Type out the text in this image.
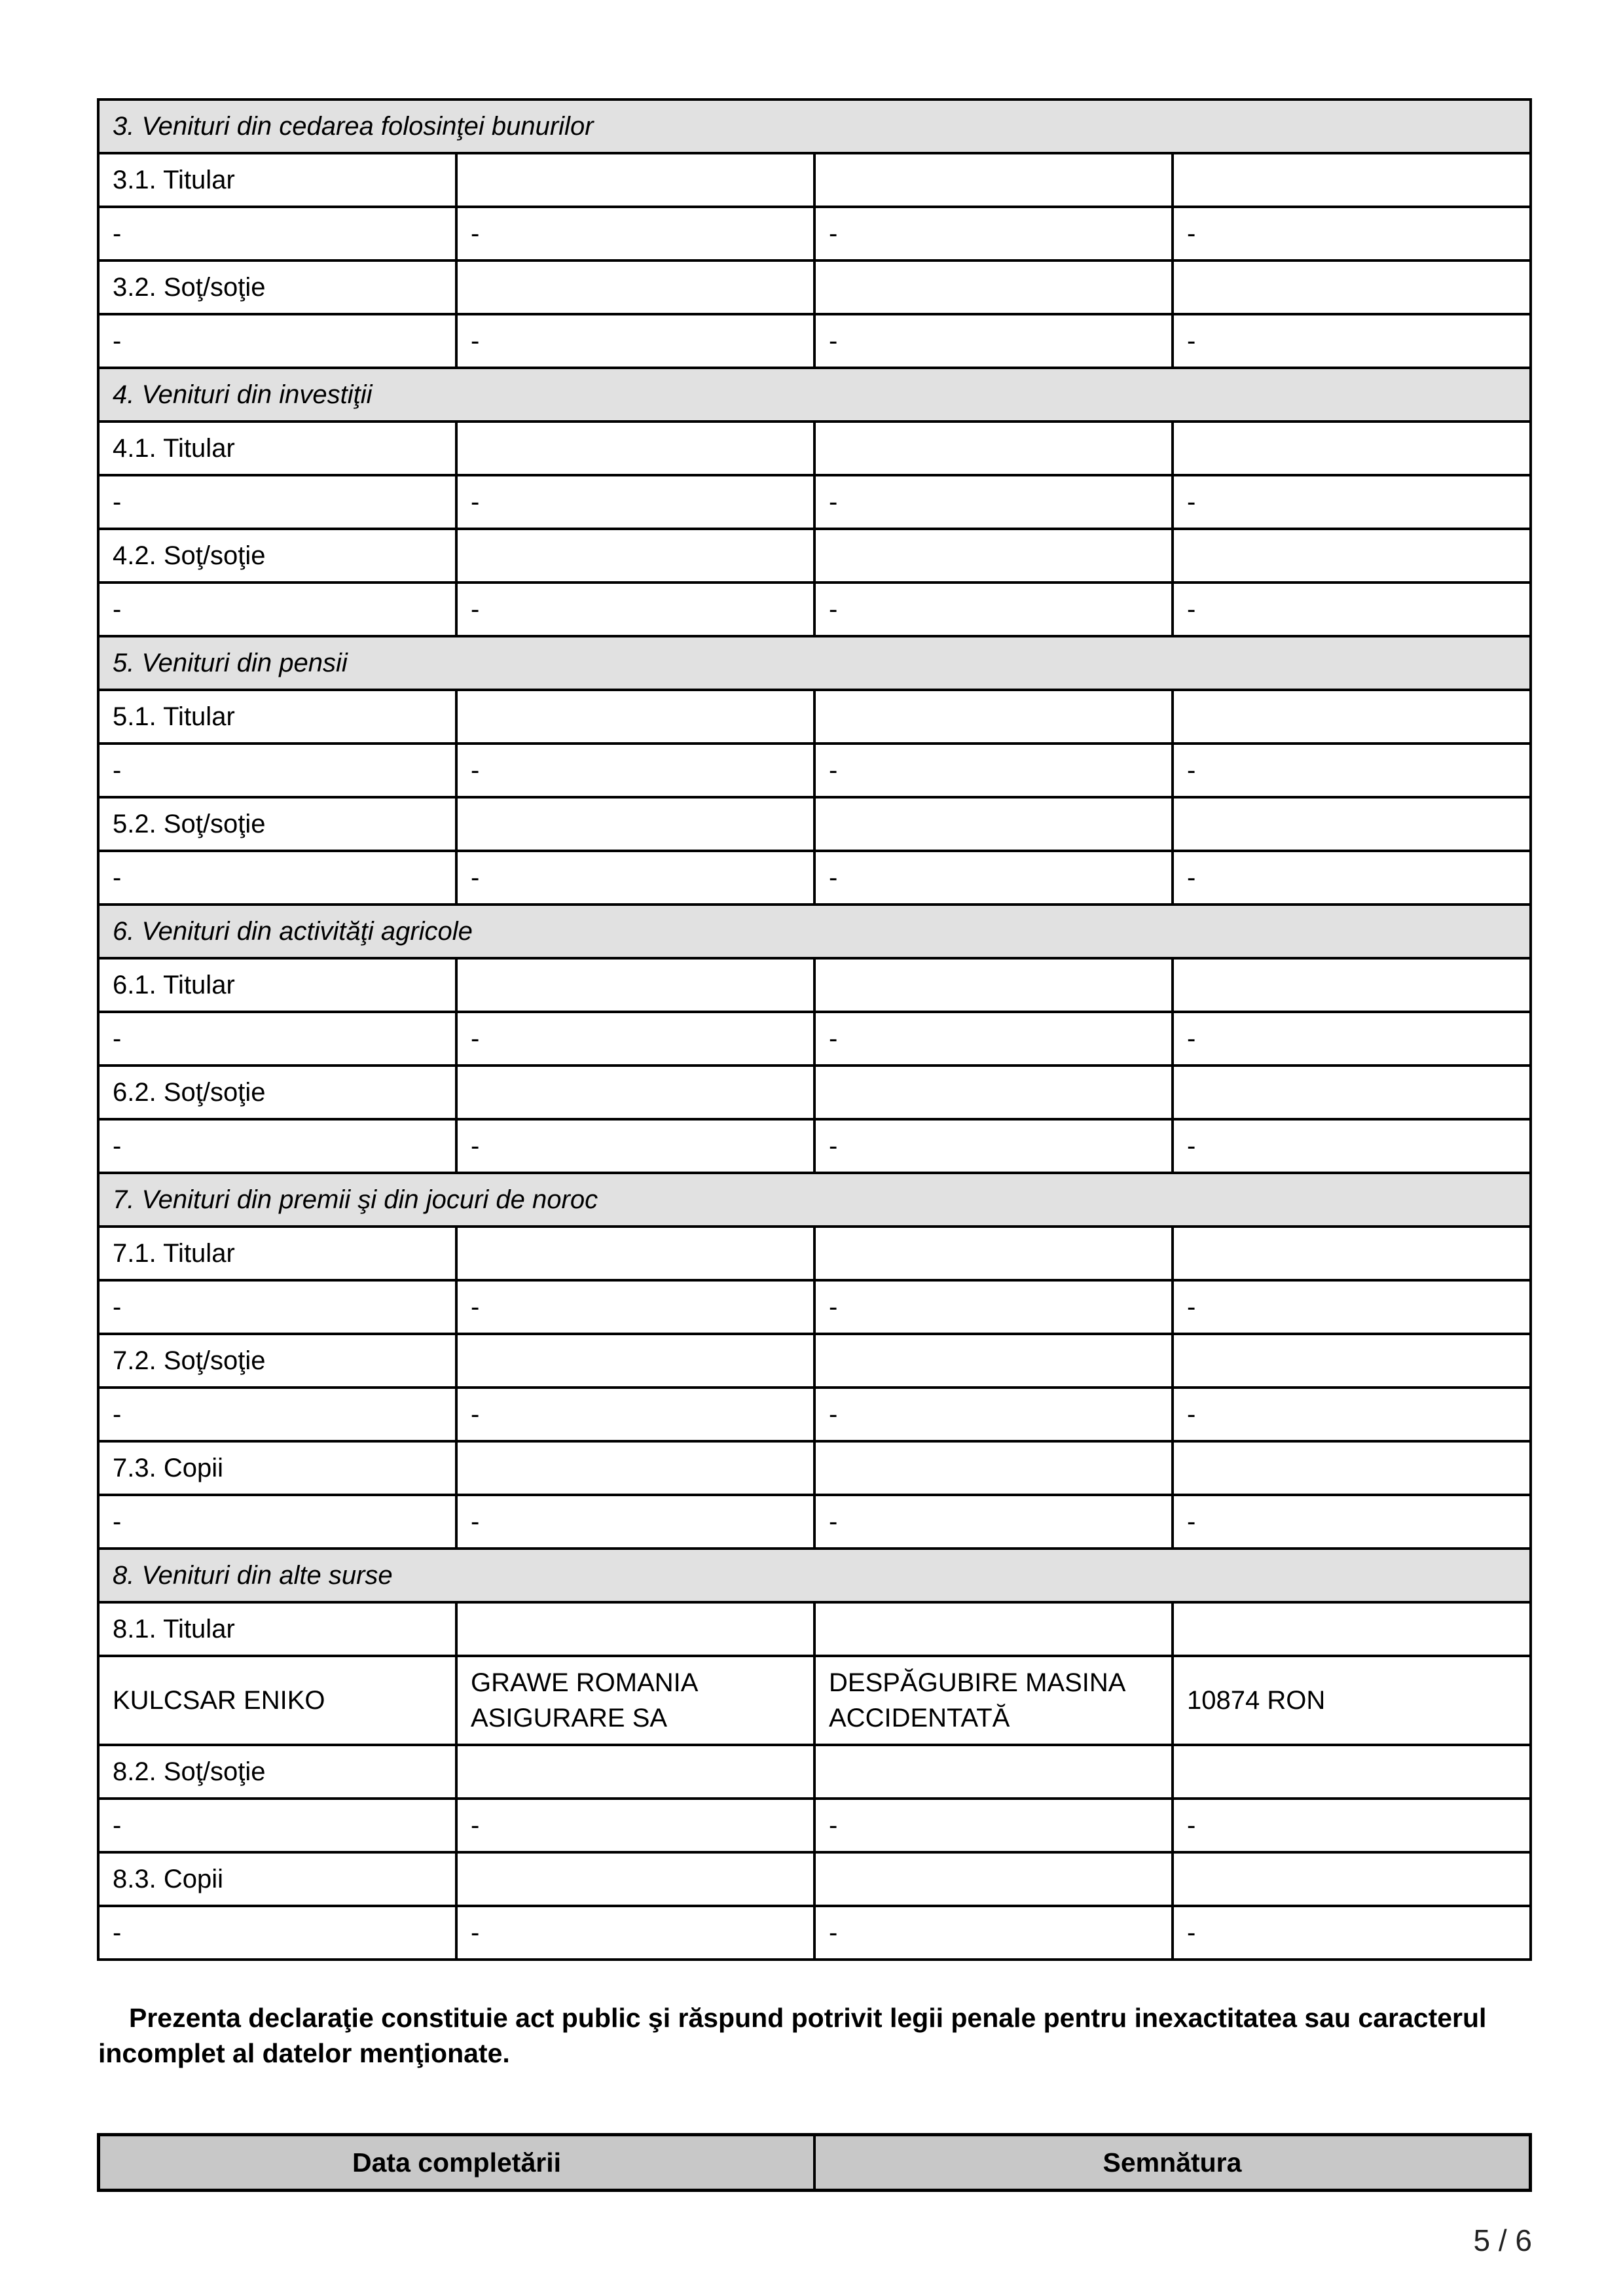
3. Venituri din cedarea folosinţei bunurilor			
3.1. Titular			
-	-	-	-
3.2. Soţ/soţie			
-	-	-	-
4. Venituri din investiţii			
4.1. Titular			
-	-	-	-
4.2. Soţ/soţie			
-	-	-	-
5. Venituri din pensii			
5.1. Titular			
-	-	-	-
5.2. Soţ/soţie			
-	-	-	-
6. Venituri din activităţi agricole			
6.1. Titular			
-	-	-	-
6.2. Soţ/soţie			
-	-	-	-
7. Venituri din premii şi din jocuri de noroc			
7.1. Titular			
-	-	-	-
7.2. Soţ/soţie			
-	-	-	-
7.3. Copii			
-	-	-	-
8. Venituri din alte surse			
8.1. Titular			
KULCSAR ENIKO	GRAWE ROMANIA ASIGURARE SA	DESPĂGUBIRE MASINA ACCIDENTATĂ	10874 RON
8.2. Soţ/soţie			
-	-	-	-
8.3. Copii			
-	-	-	-

Prezenta declaraţie constituie act public şi răspund potrivit legii penale pentru inexactitatea sau caracterul incomplet al datelor menţionate.

Data completării	Semnătura
5 / 6
